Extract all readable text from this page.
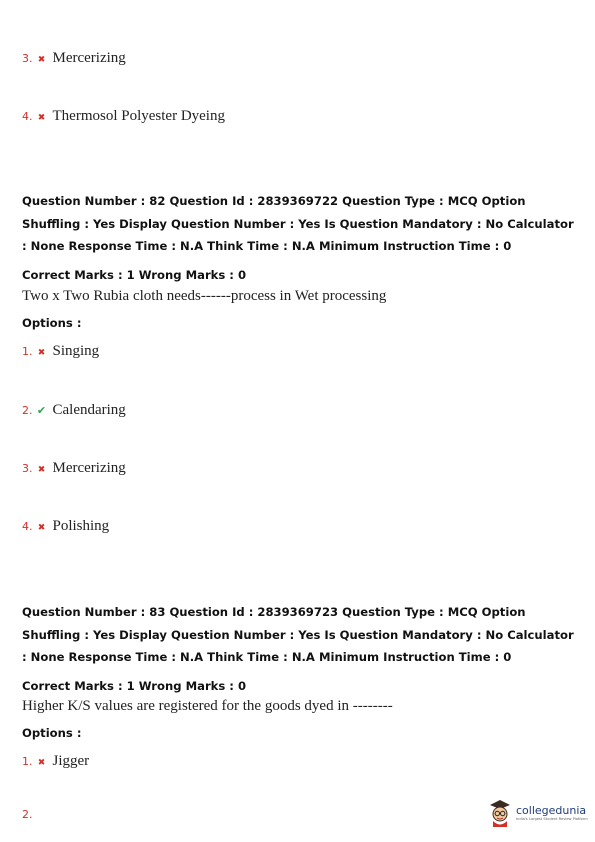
3. ✖ Mercerizing
4. ✖ Thermosol Polyester Dyeing
Question Number : 82 Question Id : 2839369722 Question Type : MCQ Option Shuffling : Yes Display Question Number : Yes Is Question Mandatory : No Calculator : None Response Time : N.A Think Time : N.A Minimum Instruction Time : 0
Correct Marks : 1 Wrong Marks : 0
Two x Two Rubia cloth needs------process in Wet processing
Options :
1. ✖ Singing
2. ✔ Calendaring
3. ✖ Mercerizing
4. ✖ Polishing
Question Number : 83 Question Id : 2839369723 Question Type : MCQ Option Shuffling : Yes Display Question Number : Yes Is Question Mandatory : No Calculator : None Response Time : N.A Think Time : N.A Minimum Instruction Time : 0
Correct Marks : 1 Wrong Marks : 0
Higher K/S values are registered for the goods dyed in --------
Options :
1. ✖ Jigger
2.	collegedunia
India's Largest Student Review Platform
